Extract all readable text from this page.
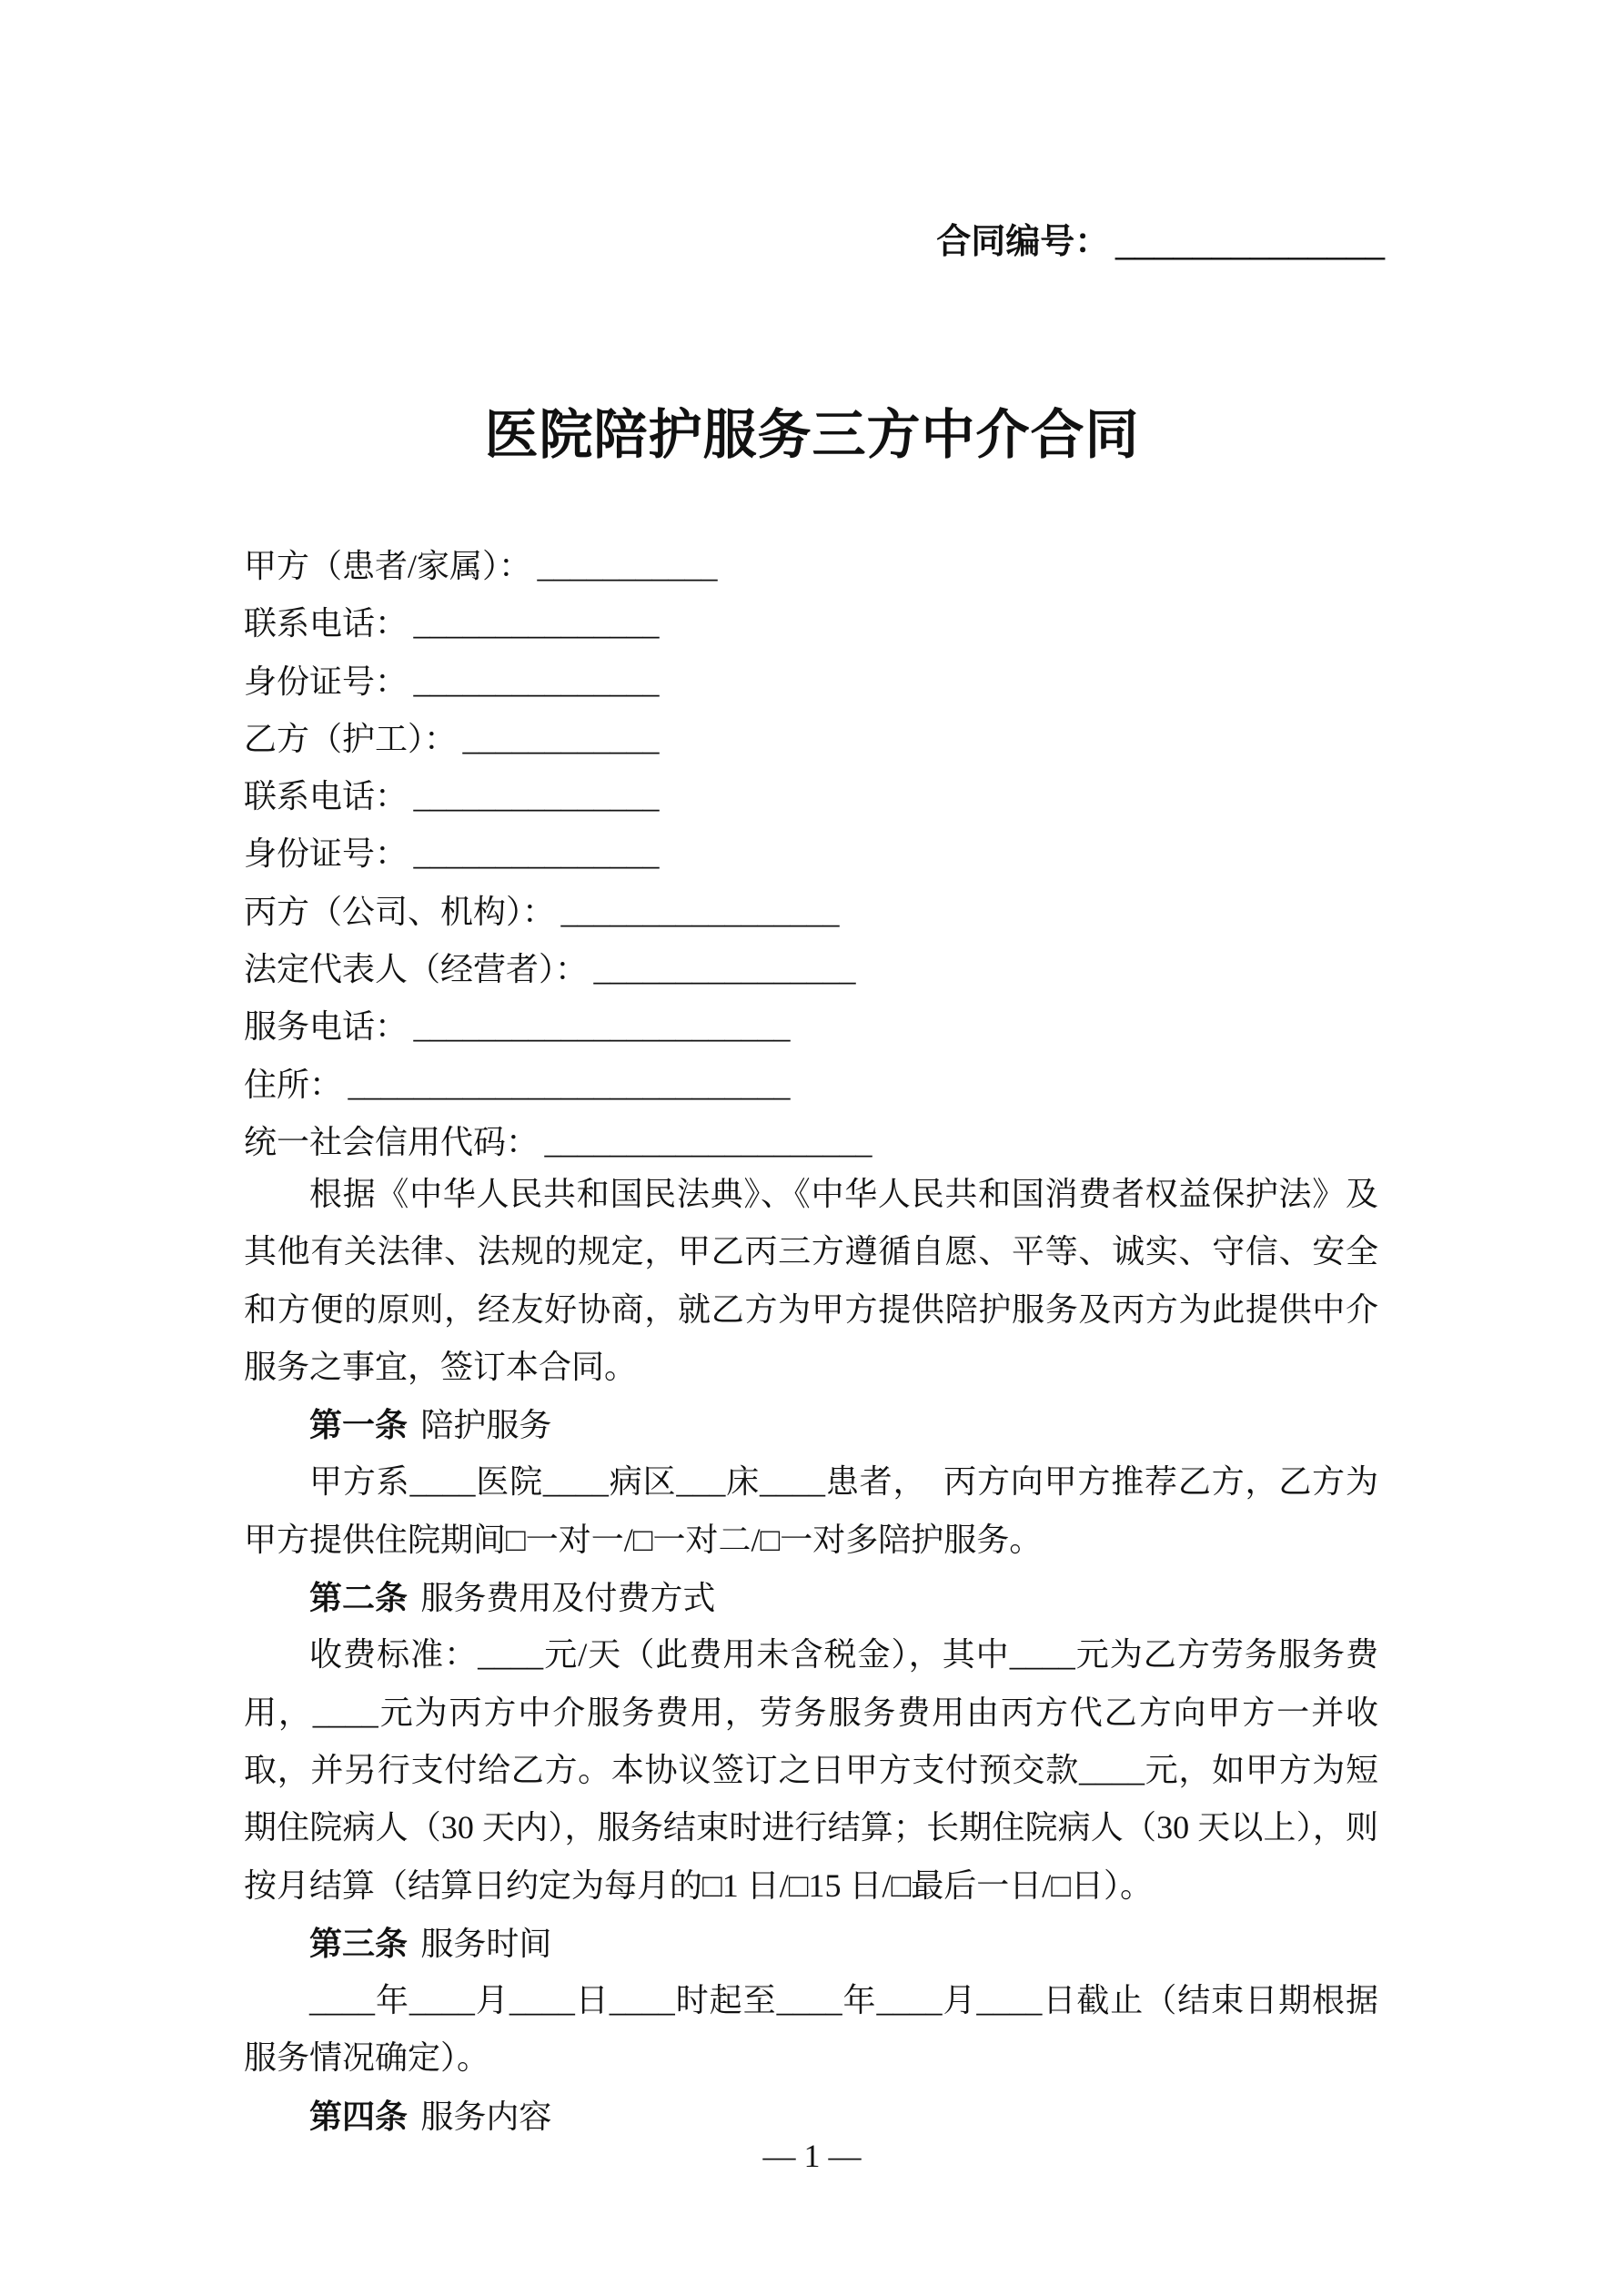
合同编号： ______________
医院陪护服务三方中介合同
甲方（患者/家属）： ___________
联系电话： _______________
身份证号： _______________
乙方（护工）： ____________
联系电话： _______________
身份证号： _______________
丙方（公司、机构）： _________________
法定代表人（经营者）： ________________
服务电话： _______________________
住所： ___________________________
统一社会信用代码： ____________________

根据《中华人民共和国民法典》、《中华人民共和国消费者权益保护法》及其他有关法律、法规的规定，甲乙丙三方遵循自愿、平等、诚实、守信、安全和方便的原则，经友好协商，就乙方为甲方提供陪护服务及丙方为此提供中介服务之事宜，签订本合同。

第一条 陪护服务

甲方系____医院____病区___床____患者，　丙方向甲方推荐乙方，乙方为甲方提供住院期间□一对一/□一对二/□一对多陪护服务。

第二条 服务费用及付费方式

收费标准：____元/天（此费用未含税金），其中____元为乙方劳务服务费用，____元为丙方中介服务费用，劳务服务费用由丙方代乙方向甲方一并收取，并另行支付给乙方。本协议签订之日甲方支付预交款____元，如甲方为短期住院病人（30 天内），服务结束时进行结算；长期住院病人（30 天以上），则按月结算（结算日约定为每月的□1 日/□15 日/□最后一日/□日）。

第三条 服务时间

____年____月____日____时起至____年____月____日截止（结束日期根据服务情况确定）。

第四条 服务内容

— 1 —
